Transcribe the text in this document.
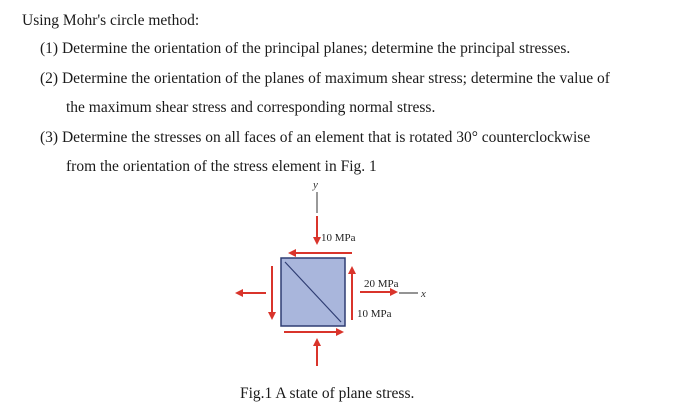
Using Mohr's circle method:
(1) Determine the orientation of the principal planes; determine the principal stresses.
(2) Determine the orientation of the planes of maximum shear stress; determine the value of
the maximum shear stress and corresponding normal stress.
(3) Determine the stresses on all faces of an element that is rotated 30° counterclockwise
from the orientation of the stress element in Fig. 1
y
10 MPa
20 MPa
10 MPa
x
Fig.1 A state of plane stress.
